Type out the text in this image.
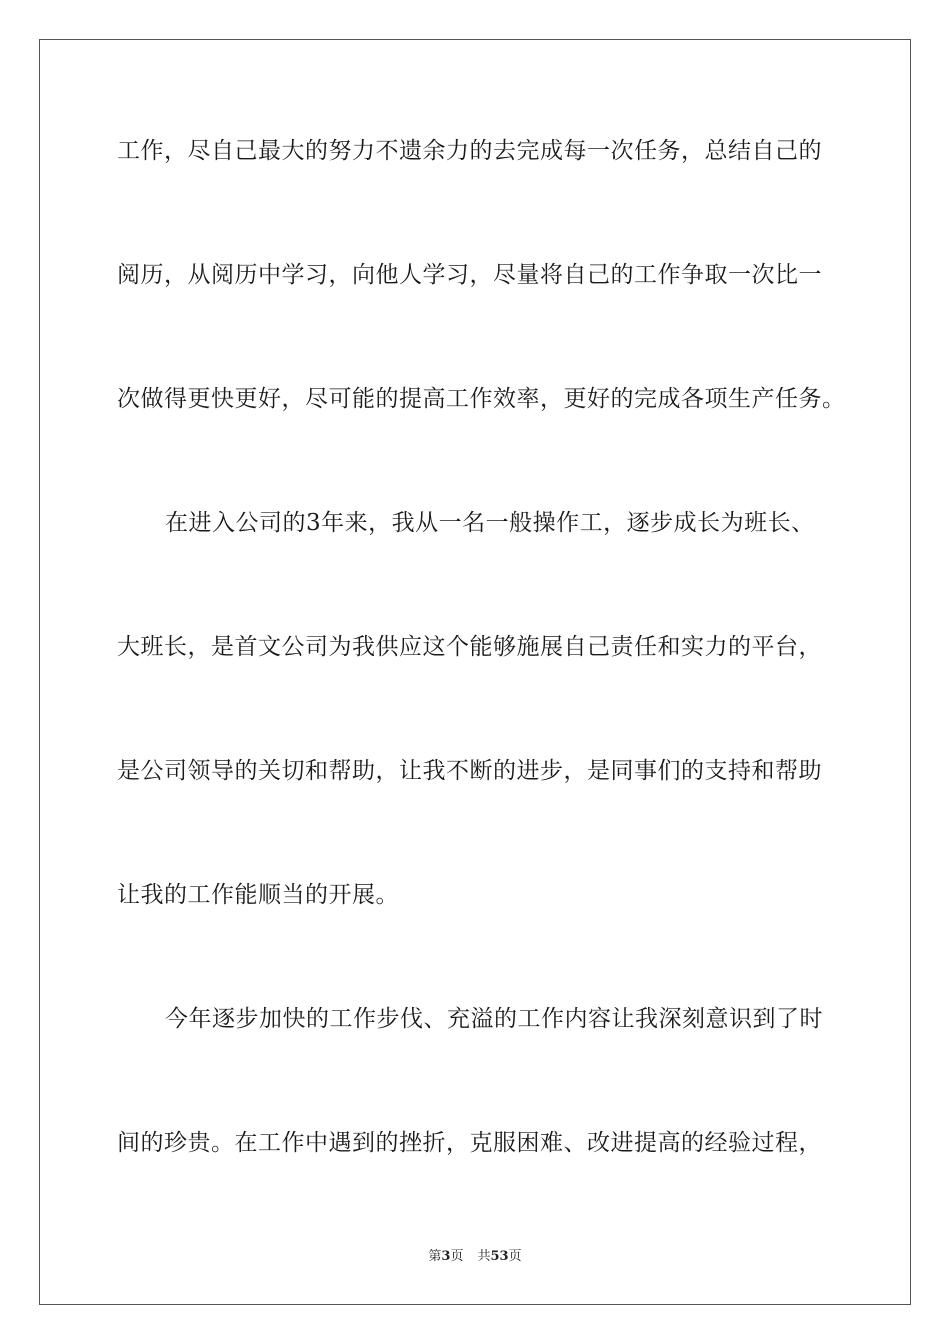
工作，尽自己最大的努力不遗余力的去完成每一次任务，总结自己的
阅历，从阅历中学习，向他人学习，尽量将自己的工作争取一次比一
次做得更快更好，尽可能的提高工作效率，更好的完成各项生产任务。
在进入公司的3年来，我从一名一般操作工，逐步成长为班长、
大班长，是首文公司为我供应这个能够施展自己责任和实力的平台，
是公司领导的关切和帮助，让我不断的进步，是同事们的支持和帮助
让我的工作能顺当的开展。
今年逐步加快的工作步伐、充溢的工作内容让我深刻意识到了时
间的珍贵。在工作中遇到的挫折，克服困难、改进提高的经验过程，
第3页 共53页
